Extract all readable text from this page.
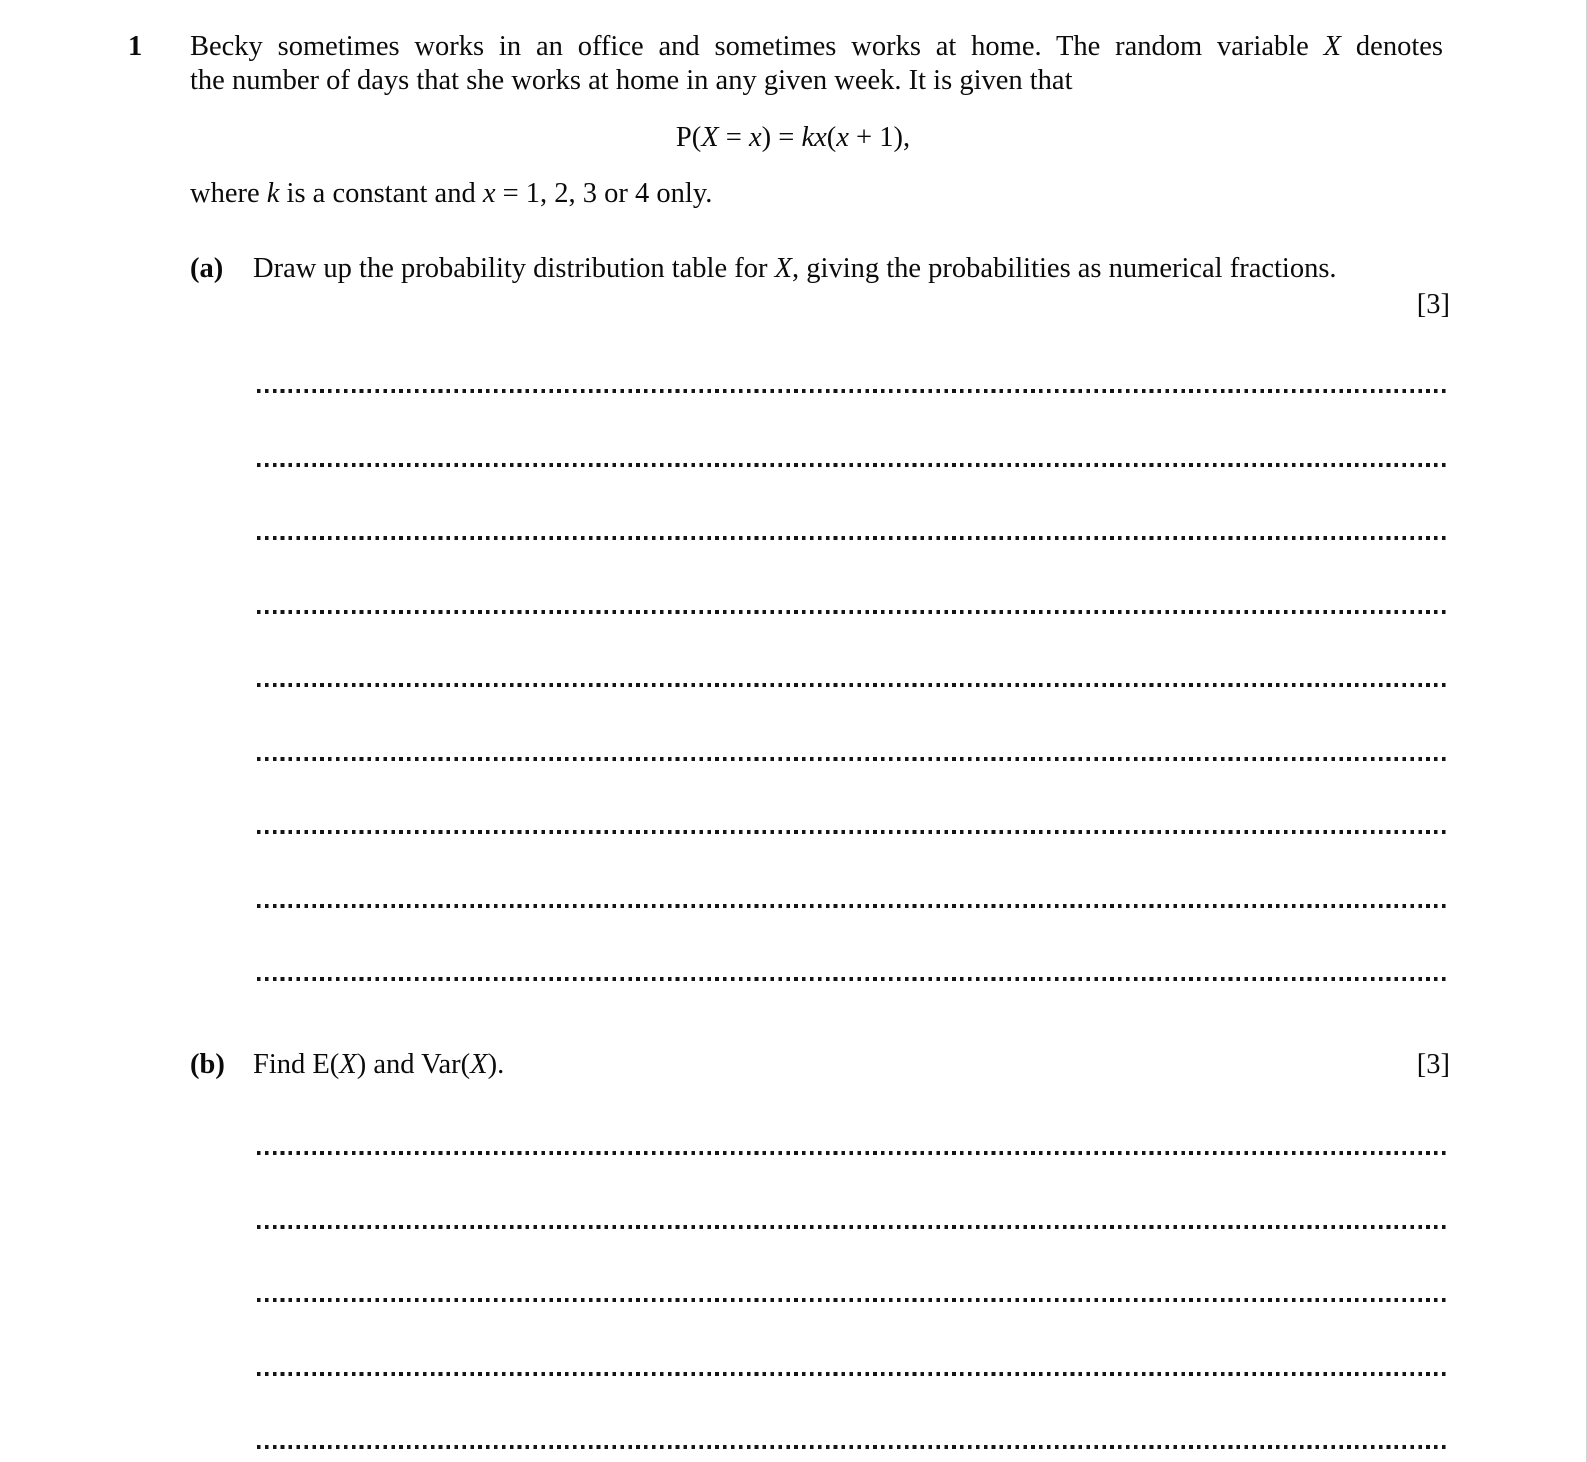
1 Becky sometimes works in an office and sometimes works at home. The random variable X denotes
the number of days that she works at home in any given week. It is given that
P(X = x) = kx(x + 1),
where k is a constant and x = 1, 2, 3 or 4 only.
(a) Draw up the probability distribution table for X, giving the probabilities as numerical fractions.
[3]
(b) Find E(X) and Var(X).	[3]
